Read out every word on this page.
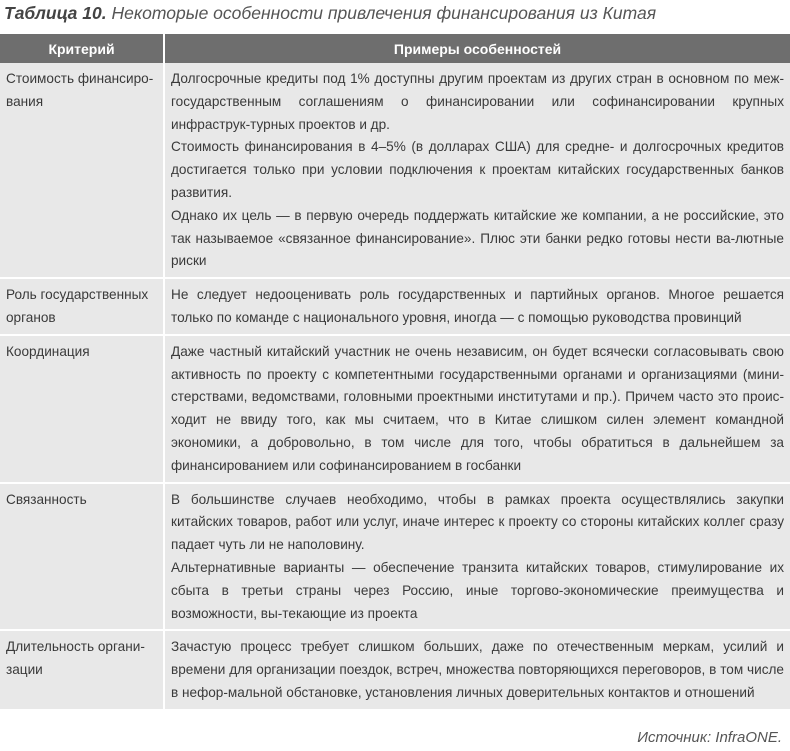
Таблица 10. Некоторые особенности привлечения финансирования из Китая
Критерий	Примеры особенностей
Стоимость финансиро-вания	Долгосрочные кредиты под 1% доступны другим проектам из других стран в основном по меж-государственным соглашениям о финансировании или софинансировании крупных инфраструк-турных проектов и др.

Стоимость финансирования в 4–5% (в долларах США) для средне- и долгосрочных кредитов достигается только при условии подключения к проектам китайских государственных банков развития.

Однако их цель — в первую очередь поддержать китайские же компании, а не российские, это так называемое «связанное финансирование». Плюс эти банки редко готовы нести ва-лютные риски

Роль государственных органов	Не следует недооценивать роль государственных и партийных органов. Многое решается только по команде с национального уровня, иногда — с помощью руководства провинций

Координация	Даже частный китайский участник не очень независим, он будет всячески согласовывать свою активность по проекту с компетентными государственными органами и организациями (мини-стерствами, ведомствами, головными проектными институтами и пр.). Причем часто это проис-ходит не ввиду того, как мы считаем, что в Китае слишком силен элемент командной экономики, а добровольно, в том числе для того, чтобы обратиться в дальнейшем за финансированием или софинансированием в госбанки

Связанность	В большинстве случаев необходимо, чтобы в рамках проекта осуществлялись закупки китайских товаров, работ или услуг, иначе интерес к проекту со стороны китайских коллег сразу падает чуть ли не наполовину.

Альтернативные варианты — обеспечение транзита китайских товаров, стимулирование их сбыта в третьи страны через Россию, иные торгово-экономические преимущества и возможности, вы-текающие из проекта

Длительность органи-зации	Зачастую процесс требует слишком больших, даже по отечественным меркам, усилий и времени для организации поездок, встреч, множества повторяющихся переговоров, в том числе в нефор-мальной обстановке, установления личных доверительных контактов и отношений

Источник: InfraONE.
